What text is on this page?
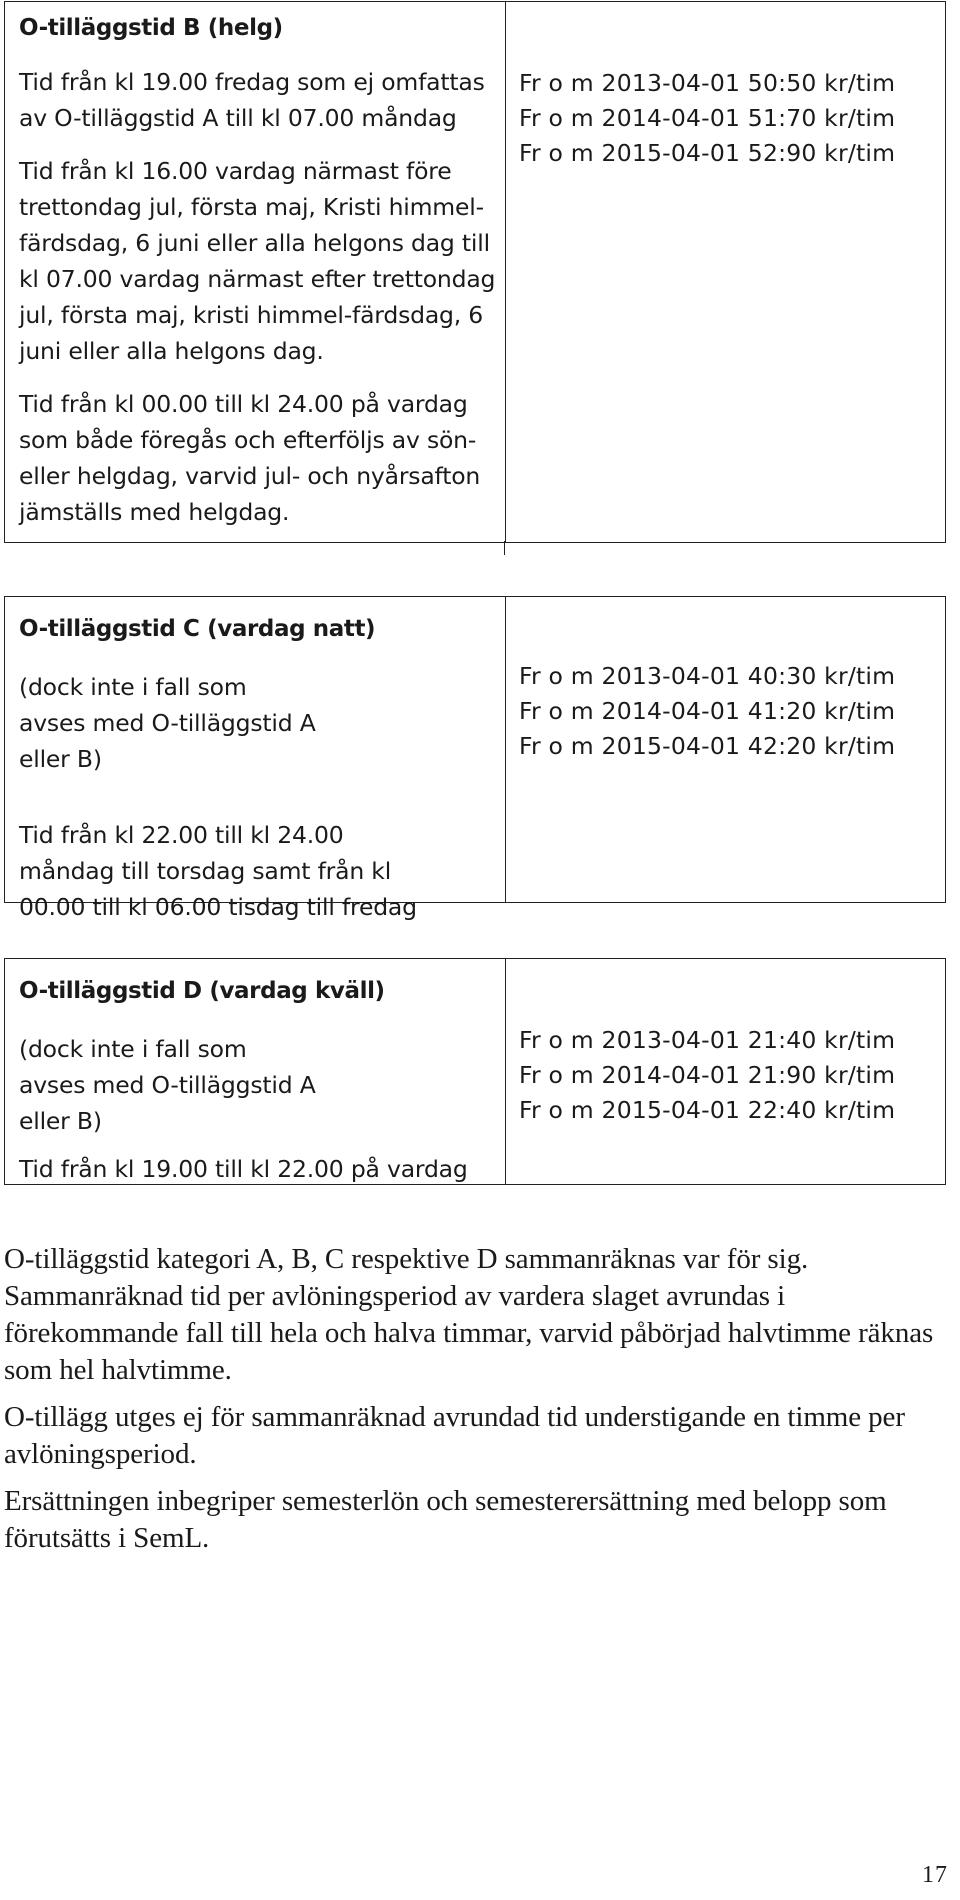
O-tilläggstid B (helg)
Tid från kl 19.00 fredag som ej omfattas av O-tilläggstid A till kl 07.00 måndag
Tid från kl 16.00 vardag närmast före trettondag jul, första maj, Kristi himmel-färdsdag, 6 juni eller alla helgons dag till kl 07.00 vardag närmast efter trettondag jul, första maj, kristi himmel-färdsdag, 6 juni eller alla helgons dag.
Tid från kl 00.00 till kl 24.00 på vardag som både föregås och efterföljs av sön- eller helgdag, varvid jul- och nyårsafton jämställs med helgdag.
Fr o m 2013-04-01 50:50 kr/tim
Fr o m 2014-04-01 51:70 kr/tim
Fr o m 2015-04-01 52:90 kr/tim
O-tilläggstid C (vardag natt)
(dock inte i fall som avses med O-tilläggstid A eller B)
Tid från kl 22.00 till kl 24.00 måndag till torsdag samt från kl 00.00 till kl 06.00 tisdag till fredag
Fr o m 2013-04-01 40:30 kr/tim
Fr o m 2014-04-01 41:20 kr/tim
Fr o m 2015-04-01 42:20 kr/tim
O-tilläggstid D (vardag kväll)
(dock inte i fall som avses med O-tilläggstid A eller B)
Tid från kl 19.00 till kl 22.00 på vardag
Fr o m 2013-04-01 21:40 kr/tim
Fr o m 2014-04-01 21:90 kr/tim
Fr o m 2015-04-01 22:40 kr/tim

O-tilläggstid kategori A, B, C respektive D sammanräknas var för sig. Sammanräknad tid per avlöningsperiod av vardera slaget avrundas i förekommande fall till hela och halva timmar, varvid påbörjad halvtimme räknas som hel halvtimme.

O-tillägg utges ej för sammanräknad avrundad tid understigande en timme per avlöningsperiod.

Ersättningen inbegriper semesterlön och semesterersättning med belopp som förutsätts i SemL.

17
